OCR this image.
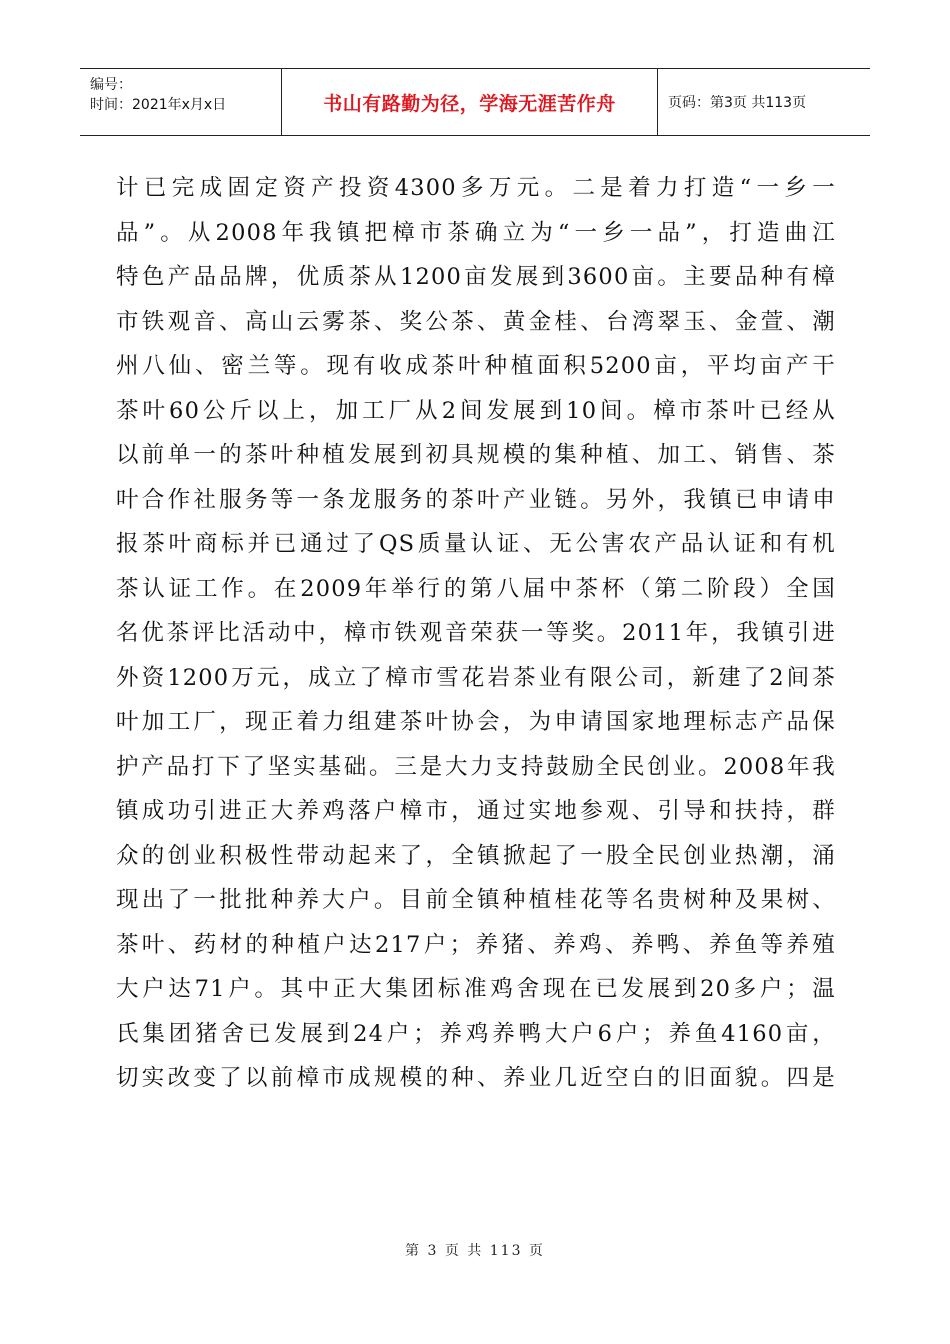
编号：
时间：2021年x月x日	书山有路勤为径，学海无涯苦作舟	页码：第3页 共113页
计已完成固定资产投资4300多万元。二是着力打造“一乡一
品”。从2008年我镇把樟市茶确立为“一乡一品”，打造曲江
特色产品品牌，优质茶从1200亩发展到3600亩。主要品种有樟
市铁观音、高山云雾茶、奖公茶、黄金桂、台湾翠玉、金萱、潮
州八仙、密兰等。现有收成茶叶种植面积5200亩，平均亩产干
茶叶60公斤以上，加工厂从2间发展到10间。樟市茶叶已经从
以前单一的茶叶种植发展到初具规模的集种植、加工、销售、茶
叶合作社服务等一条龙服务的茶叶产业链。另外，我镇已申请申
报茶叶商标并已通过了QS质量认证、无公害农产品认证和有机
茶认证工作。在2009年举行的第八届中茶杯（第二阶段）全国
名优茶评比活动中，樟市铁观音荣获一等奖。2011年，我镇引进
外资1200万元，成立了樟市雪花岩茶业有限公司，新建了2间茶
叶加工厂，现正着力组建茶叶协会，为申请国家地理标志产品保
护产品打下了坚实基础。三是大力支持鼓励全民创业。2008年我
镇成功引进正大养鸡落户樟市，通过实地参观、引导和扶持，群
众的创业积极性带动起来了，全镇掀起了一股全民创业热潮，涌
现出了一批批种养大户。目前全镇种植桂花等名贵树种及果树、
茶叶、药材的种植户达217户；养猪、养鸡、养鸭、养鱼等养殖
大户达71户。其中正大集团标准鸡舍现在已发展到20多户；温
氏集团猪舍已发展到24户；养鸡养鸭大户6户；养鱼4160亩，
切实改变了以前樟市成规模的种、养业几近空白的旧面貌。四是
第 3 页 共 113 页
